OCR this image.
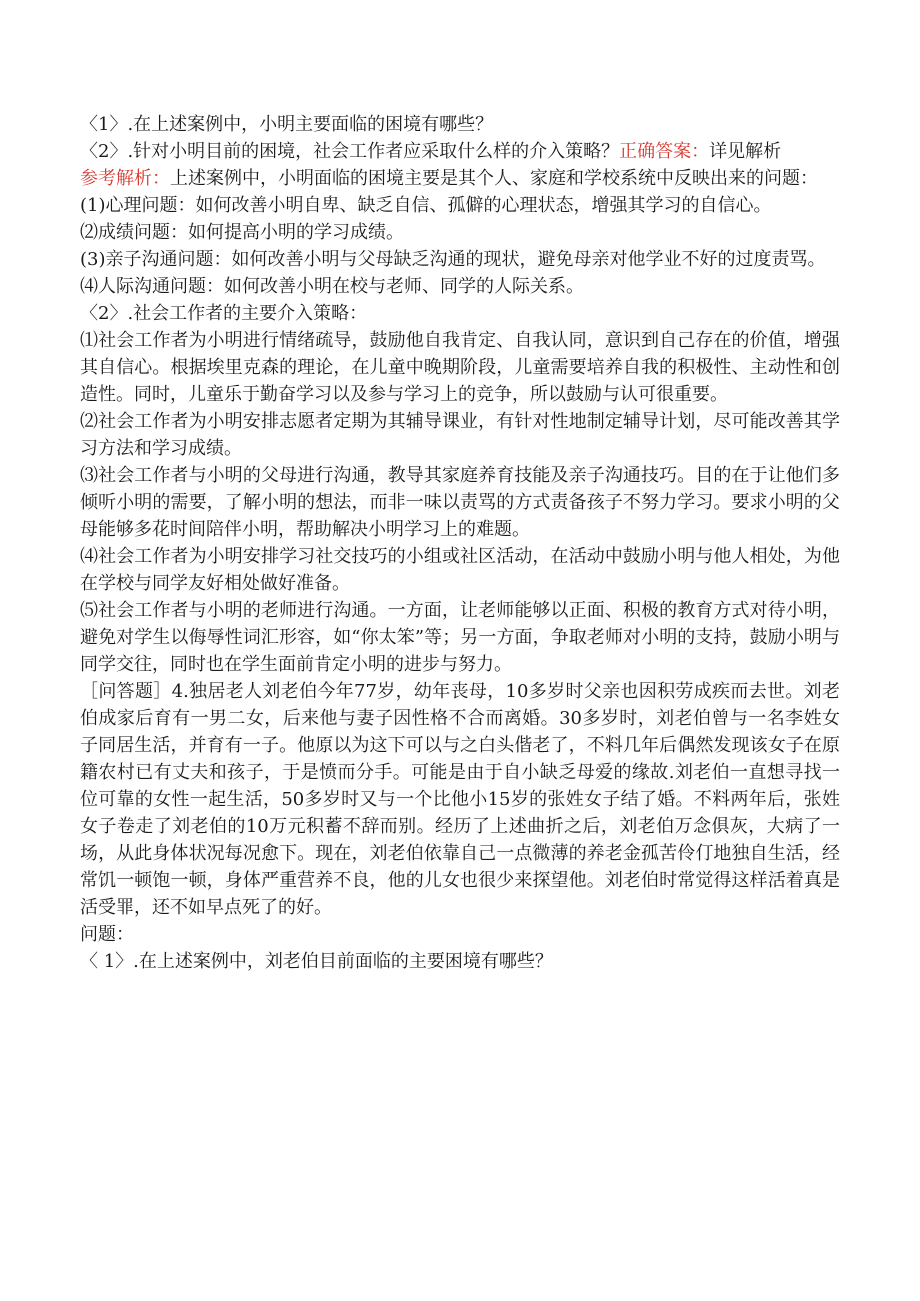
〈1〉.在上述案例中，小明主要面临的困境有哪些？

〈2〉.针对小明目前的困境，社会工作者应采取什么样的介入策略？正确答案：详见解析

参考解析：上述案例中，小明面临的困境主要是其个人、家庭和学校系统中反映出来的问题：

(1)心理问题：如何改善小明自卑、缺乏自信、孤僻的心理状态，增强其学习的自信心。

⑵成绩问题：如何提高小明的学习成绩。

(3)亲子沟通问题：如何改善小明与父母缺乏沟通的现状，避免母亲对他学业不好的过度责骂。

⑷人际沟通问题：如何改善小明在校与老师、同学的人际关系。

〈2〉.社会工作者的主要介入策略：

⑴社会工作者为小明进行情绪疏导，鼓励他自我肯定、自我认同，意识到自己存在的价值，增强其自信心。根据埃里克森的理论，在儿童中晚期阶段，儿童需要培养自我的积极性、主动性和创造性。同时，儿童乐于勤奋学习以及参与学习上的竞争，所以鼓励与认可很重要。

⑵社会工作者为小明安排志愿者定期为其辅导课业，有针对性地制定辅导计划，尽可能改善其学习方法和学习成绩。

⑶社会工作者与小明的父母进行沟通，教导其家庭养育技能及亲子沟通技巧。目的在于让他们多倾听小明的需要，了解小明的想法，而非一味以责骂的方式责备孩子不努力学习。要求小明的父母能够多花时间陪伴小明，帮助解决小明学习上的难题。

⑷社会工作者为小明安排学习社交技巧的小组或社区活动，在活动中鼓励小明与他人相处，为他在学校与同学友好相处做好准备。

⑸社会工作者与小明的老师进行沟通。一方面，让老师能够以正面、积极的教育方式对待小明，避免对学生以侮辱性词汇形容，如“你太笨”等；另一方面，争取老师对小明的支持，鼓励小明与同学交往，同时也在学生面前肯定小明的进步与努力。

［问答题］4.独居老人刘老伯今年77岁，幼年丧母，10多岁时父亲也因积劳成疾而去世。刘老伯成家后育有一男二女，后来他与妻子因性格不合而离婚。30多岁时，刘老伯曾与一名李姓女子同居生活，并育有一子。他原以为这下可以与之白头偕老了，不料几年后偶然发现该女子在原籍农村已有丈夫和孩子，于是愤而分手。可能是由于自小缺乏母爱的缘故.刘老伯一直想寻找一位可靠的女性一起生活，50多岁时又与一个比他小15岁的张姓女子结了婚。不料两年后，张姓女子卷走了刘老伯的10万元积蓄不辞而别。经历了上述曲折之后，刘老伯万念俱灰，大病了一场，从此身体状况每况愈下。现在，刘老伯依靠自己一点微薄的养老金孤苦伶仃地独自生活，经常饥一顿饱一顿，身体严重营养不良，他的儿女也很少来探望他。刘老伯时常觉得这样活着真是活受罪，还不如早点死了的好。

问题：

〈 1〉.在上述案例中，刘老伯目前面临的主要困境有哪些？
